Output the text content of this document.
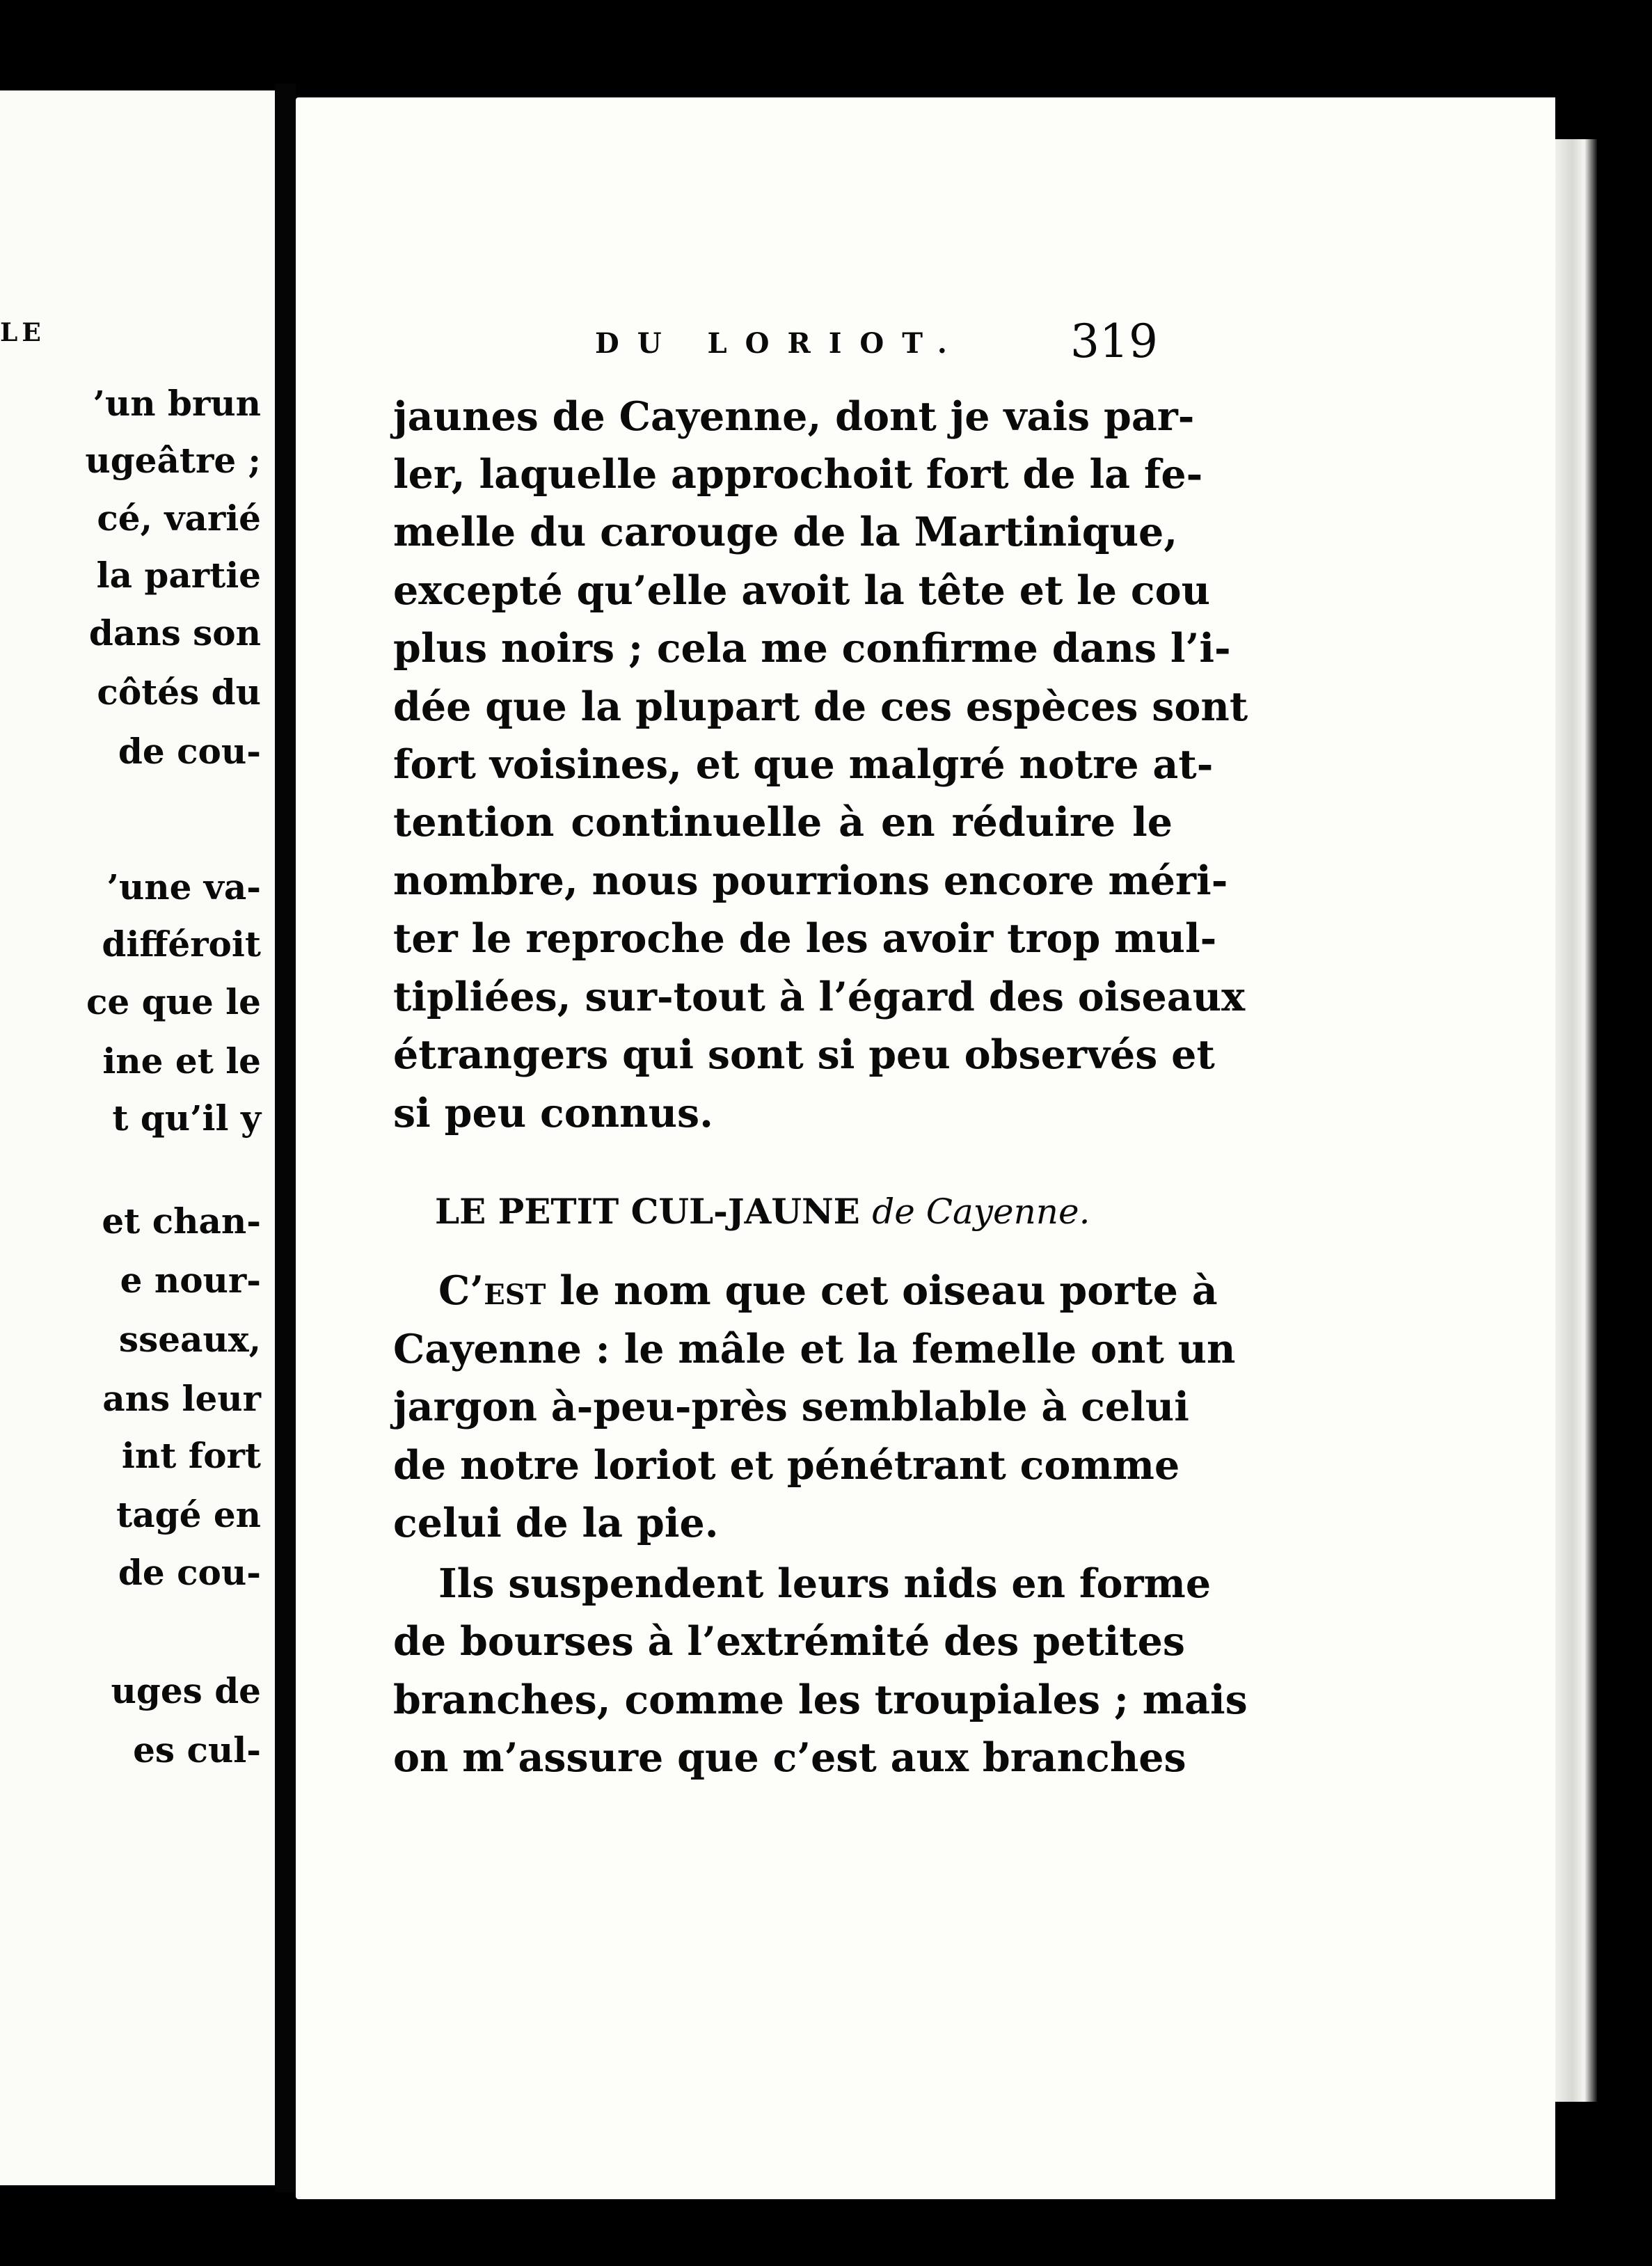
LE
’un brun
ugeâtre ;
cé, varié
la partie
dans son
côtés du
de cou-
’une va-
différoit
ce que le
ine et le
t qu’il y
et chan-
e nour-
sseaux,
ans leur
int fort
tagé en
de cou-
uges de
es cul-
DU LORIOT. 319
jaunes de Cayenne, dont je vais par-
ler, laquelle approchoit fort de la fe-
melle du carouge de la Martinique,
excepté qu’elle avoit la tête et le cou
plus noirs ; cela me confirme dans l’i-
dée que la plupart de ces espèces sont
fort voisines, et que malgré notre at-
tention continuelle à en réduire le
nombre, nous pourrions encore méri-
ter le reproche de les avoir trop mul-
tipliées, sur-tout à l’égard des oiseaux
étrangers qui sont si peu observés et
si peu connus.
LE PETIT CUL-JAUNE de Cayenne.
C’est le nom que cet oiseau porte à
Cayenne : le mâle et la femelle ont un
jargon à-peu-près semblable à celui
de notre loriot et pénétrant comme
celui de la pie.
Ils suspendent leurs nids en forme
de bourses à l’extrémité des petites
branches, comme les troupiales ; mais
on m’assure que c’est aux branches
